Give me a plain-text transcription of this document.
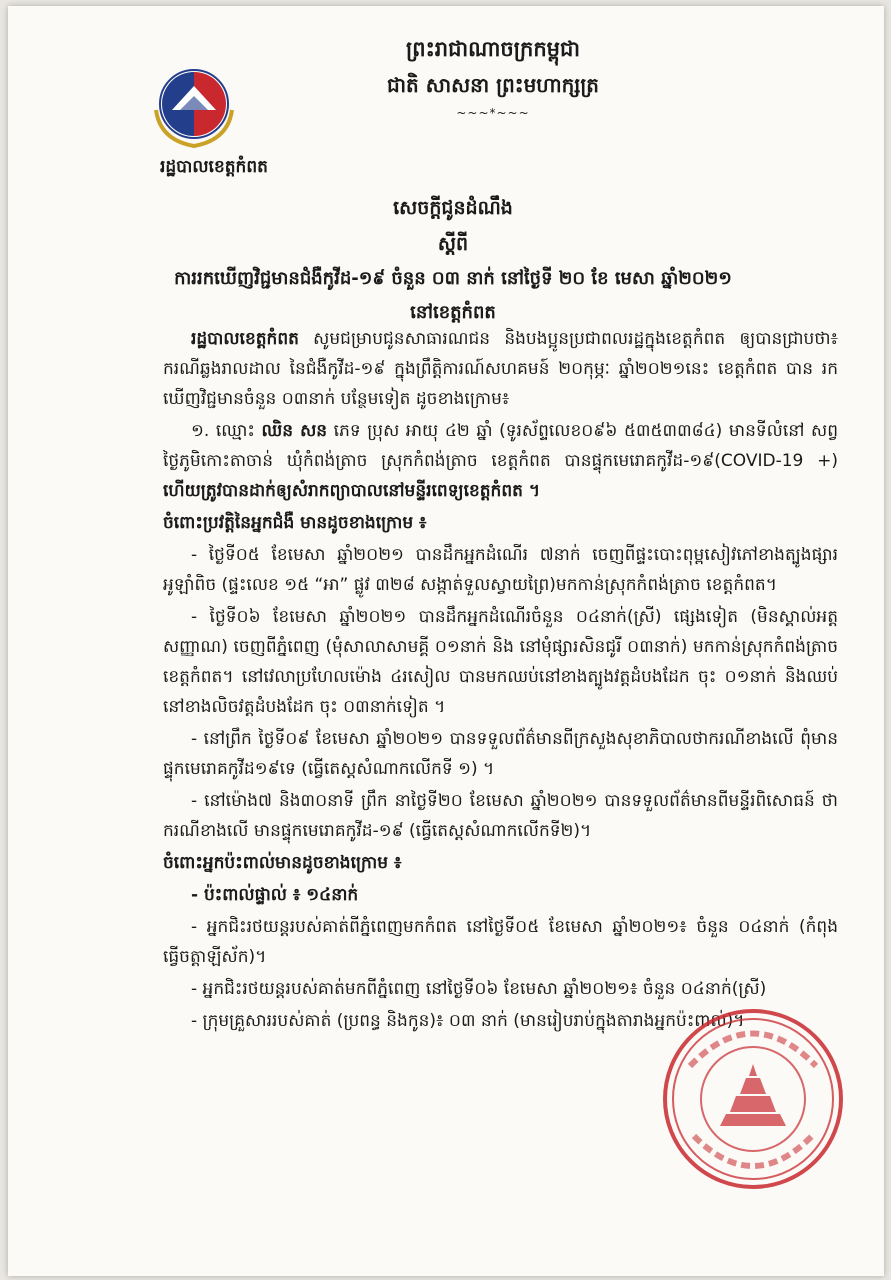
ព្រះរាជាណាចក្រកម្ពុជា
ជាតិ សាសនា ព្រះមហាក្សត្រ
~~~*~~~
រដ្ឋបាលខេត្តកំពត
សេចក្តីជូនដំណឹង
ស្តីពី
ការរកឃើញវិជ្ជមានជំងឺកូវីដ-១៩ ចំនួន ០៣ នាក់ នៅថ្ងៃទី ២០ ខែ មេសា ឆ្នាំ២០២១
នៅខេត្តកំពត

រដ្ឋបាលខេត្តកំពត សូមជម្រាបជូនសាធារណជន និងបងប្អូនប្រជាពលរដ្ឋក្នុងខេត្តកំពត ឲ្យបានជ្រាបថា៖ ករណីឆ្លងរាលដាល នៃជំងឺកូវីដ-១៩ ក្នុងព្រឹត្តិការណ៍សហគមន៍ ២០កុម្ភៈ ឆ្នាំ២០២១នេះ ខេត្តកំពត បាន រកឃើញវិជ្ជមានចំនួន ០៣នាក់ បន្ថែមទៀត ដូចខាងក្រោម៖

១. ឈ្មោះ ឈិន សន ភេទ ប្រុស អាយុ ៤២ ឆ្នាំ (ទូរស័ព្ទលេខ០៩៦ ៥៣៥៣៣៨៤) មានទីលំនៅ សព្វថ្ងៃភូមិកោះតាចាន់ ឃុំកំពង់ត្រាច ស្រុកកំពង់ត្រាច ខេត្តកំពត បានផ្ទុកមេរោគកូវីដ-១៩(COVID-19 +) ហើយត្រូវបានដាក់ឲ្យសំរាកព្យាបាលនៅមន្ទីរពេទ្យខេត្តកំពត ។

ចំពោះប្រវត្តិនៃអ្នកជំងឺ មានដូចខាងក្រោម ៖

- ថ្ងៃទី០៥ ខែមេសា ឆ្នាំ២០២១ បានដឹកអ្នកដំណើរ ៧នាក់ ចេញពីផ្ទះបោះពុម្ពសៀវភៅខាងត្បូងផ្សារ អូឡាំពិច (ផ្ទះលេខ ១៥ “អា” ផ្លូវ ៣២៨ សង្កាត់ទួលស្វាយព្រៃ)មកកាន់ស្រុកកំពង់ត្រាច ខេត្តកំពត។

- ថ្ងៃទី០៦ ខែមេសា ឆ្នាំ២០២១ បានដឹកអ្នកដំណើរចំនួន ០៤នាក់(ស្រី) ផ្សេងទៀត (មិនស្គាល់អត្តសញ្ញាណ) ចេញពីភ្នំពេញ (មុំសាលាសាមគ្គី ០១នាក់ និង នៅមុំផ្សារសិនជូរី ០៣នាក់) មកកាន់ស្រុកកំពង់ត្រាច ខេត្តកំពត។ នៅវេលាប្រហែលម៉ោង ៤រសៀល បានមកឈប់នៅខាងត្បូងវត្តដំបងដែក ចុះ ០១នាក់ និងឈប់ នៅខាងលិចវត្តដំបងដែក ចុះ ០៣នាក់ទៀត ។

- នៅព្រឹក ថ្ងៃទី០៩ ខែមេសា ឆ្នាំ២០២១ បានទទួលព័ត៌មានពីក្រសួងសុខាភិបាលថាករណីខាងលើ ពុំមានផ្ទុកមេរោគកូវីដ១៩ទេ (ធ្វើតេស្តសំណាកលើកទី ១) ។

- នៅម៉ោង៧ និង៣០នាទី ព្រឹក នាថ្ងៃទី២០ ខែមេសា ឆ្នាំ២០២១ បានទទួលព័ត៌មានពីមន្ទីរពិសោធន៍ ថាករណីខាងលើ មានផ្ទុកមេរោគកូវីដ-១៩ (ធ្វើតេស្តសំណាកលើកទី២)។

ចំពោះអ្នកប៉ះពាល់មានដូចខាងក្រោម ៖

- ប៉ះពាល់ផ្ទាល់ ៖ ១៤នាក់

- អ្នកជិះរថយន្តរបស់គាត់ពីភ្នំពេញមកកំពត នៅថ្ងៃទី០៥ ខែមេសា ឆ្នាំ២០២១៖ ចំនួន ០៤នាក់ (កំពុងធ្វើចត្តាឡីស័ក)។

- អ្នកជិះរថយន្តរបស់គាត់មកពីភ្នំពេញ នៅថ្ងៃទី០៦ ខែមេសា ឆ្នាំ២០២១៖ ចំនួន ០៤នាក់(ស្រី)

- ក្រុមគ្រួសាររបស់គាត់ (ប្រពន្ធ និងកូន)៖ ០៣ នាក់ (មានរៀបរាប់ក្នុងតារាងអ្នកប៉ះពាល់)។
